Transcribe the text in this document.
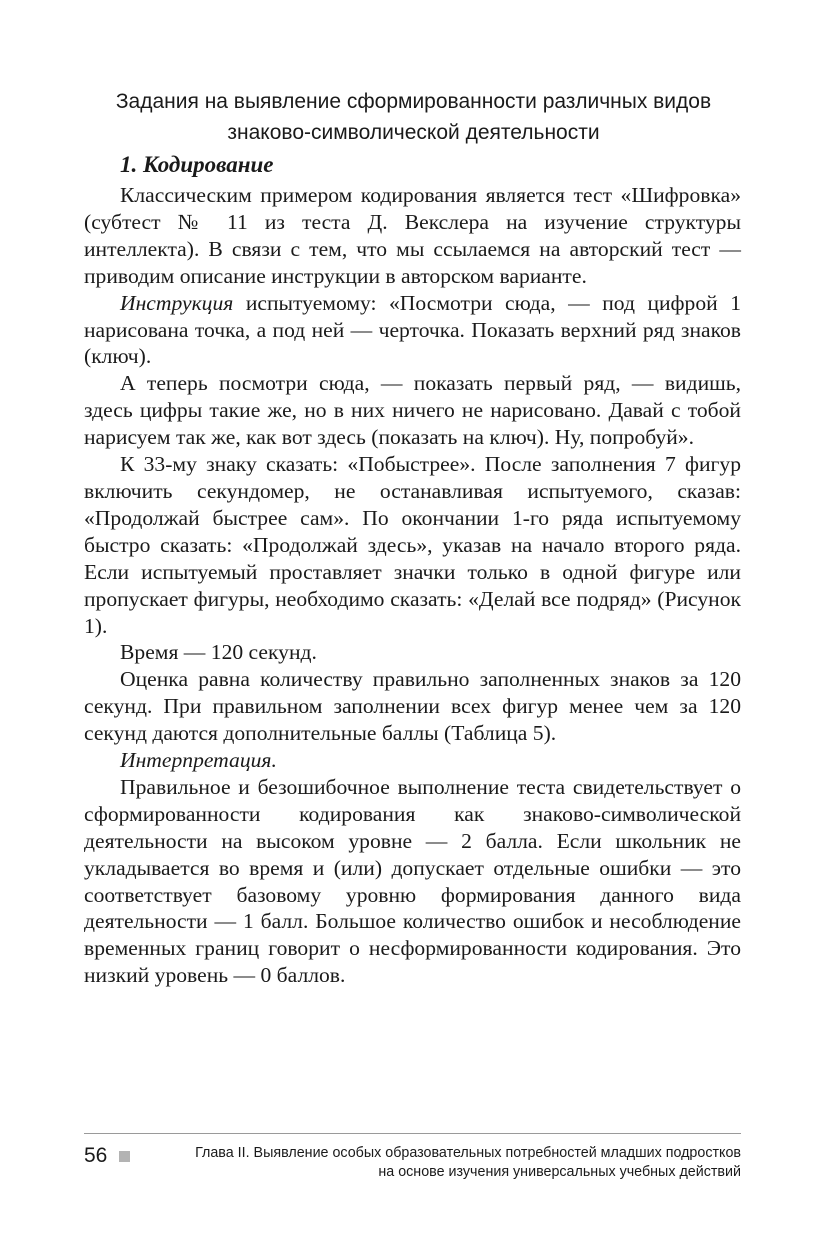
Задания на выявление сформированности различных видов
знаково-символической деятельности
1. Кодирование

Классическим примером кодирования является тест «Шифровка» (субтест № 11 из теста Д. Векслера на изучение структуры интеллекта). В связи с тем, что мы ссылаемся на авторский тест — приводим описание инструкции в авторском варианте.

Инструкция испытуемому: «Посмотри сюда, — под цифрой 1 нарисована точка, а под ней — черточка. Показать верхний ряд знаков (ключ).

А теперь посмотри сюда, — показать первый ряд, — видишь, здесь цифры такие же, но в них ничего не нарисовано. Давай с тобой нарисуем так же, как вот здесь (показать на ключ). Ну, попробуй».

К 33-му знаку сказать: «Побыстрее». После заполнения 7 фигур включить секундомер, не останавливая испытуемого, сказав: «Продолжай быстрее сам». По окончании 1-го ряда испытуемому быстро сказать: «Продолжай здесь», указав на начало второго ряда. Если испытуемый проставляет значки только в одной фигуре или пропускает фигуры, необходимо сказать: «Делай все подряд» (Рисунок 1).

Время — 120 секунд.

Оценка равна количеству правильно заполненных знаков за 120 секунд. При правильном заполнении всех фигур менее чем за 120 секунд даются дополнительные баллы (Таблица 5).

Интерпретация.

Правильное и безошибочное выполнение теста свидетельствует о сформированности кодирования как знаково-символической деятельности на высоком уровне — 2 балла. Если школьник не укладывается во время и (или) допускает отдельные ошибки — это соответствует базовому уровню формирования данного вида деятельности — 1 балл. Большое количество ошибок и несоблюдение временных границ говорит о несформированности кодирования. Это низкий уровень — 0 баллов.

56	Глава II. Выявление особых образовательных потребностей младших подростков
на основе изучения универсальных учебных действий
